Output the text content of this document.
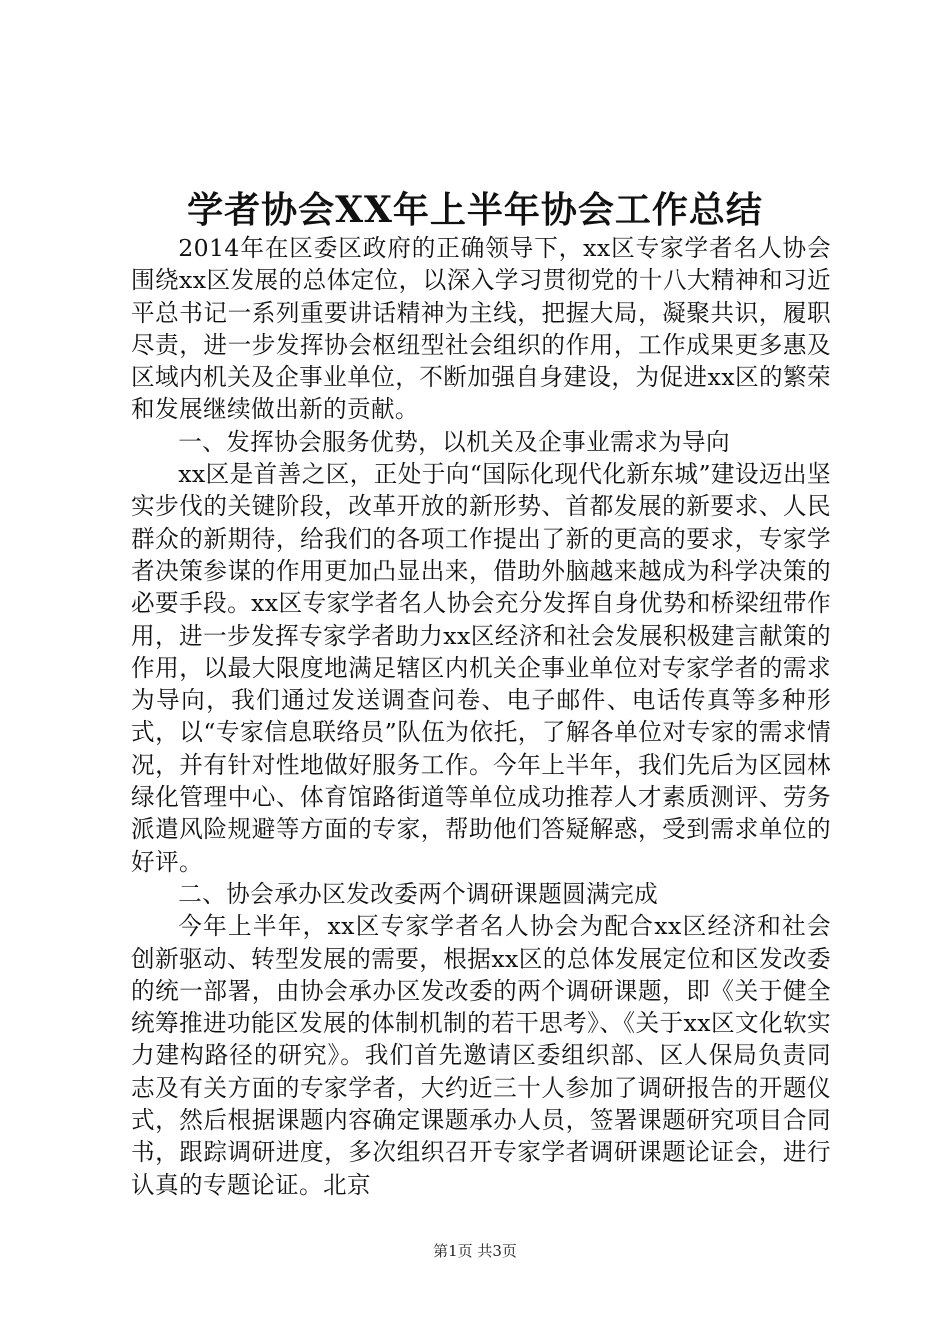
学者协会XX年上半年协会工作总结

2014年在区委区政府的正确领导下，xx区专家学者名人协会围绕xx区发展的总体定位，以深入学习贯彻党的十八大精神和习近平总书记一系列重要讲话精神为主线，把握大局，凝聚共识，履职尽责，进一步发挥协会枢纽型社会组织的作用，工作成果更多惠及区域内机关及企事业单位，不断加强自身建设，为促进xx区的繁荣和发展继续做出新的贡献。

一、发挥协会服务优势，以机关及企事业需求为导向

xx区是首善之区，正处于向“国际化现代化新东城”建设迈出坚实步伐的关键阶段，改革开放的新形势、首都发展的新要求、人民群众的新期待，给我们的各项工作提出了新的更高的要求，专家学者决策参谋的作用更加凸显出来，借助外脑越来越成为科学决策的必要手段。xx区专家学者名人协会充分发挥自身优势和桥梁纽带作用，进一步发挥专家学者助力xx区经济和社会发展积极建言献策的作用，以最大限度地满足辖区内机关企事业单位对专家学者的需求为导向，我们通过发送调查问卷、电子邮件、电话传真等多种形式，以“专家信息联络员”队伍为依托，了解各单位对专家的需求情况，并有针对性地做好服务工作。今年上半年，我们先后为区园林绿化管理中心、体育馆路街道等单位成功推荐人才素质测评、劳务派遣风险规避等方面的专家，帮助他们答疑解惑，受到需求单位的好评。

二、协会承办区发改委两个调研课题圆满完成

今年上半年，xx区专家学者名人协会为配合xx区经济和社会创新驱动、转型发展的需要，根据xx区的总体发展定位和区发改委的统一部署，由协会承办区发改委的两个调研课题，即《关于健全统筹推进功能区发展的体制机制的若干思考》、《关于xx区文化软实力建构路径的研究》。我们首先邀请区委组织部、区人保局负责同志及有关方面的专家学者，大约近三十人参加了调研报告的开题仪式，然后根据课题内容确定课题承办人员，签署课题研究项目合同书，跟踪调研进度，多次组织召开专家学者调研课题论证会，进行认真的专题论证。北京

第1页 共3页
